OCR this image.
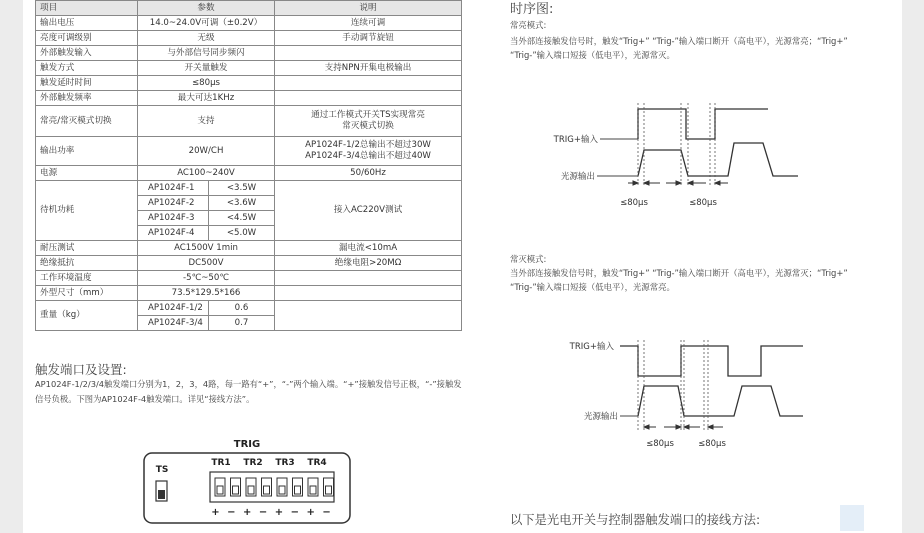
项目	参数		说明
输出电压	14.0~24.0V可调（±0.2V）		连续可调
亮度可调级别	无级		手动调节旋钮
外部触发输入	与外部信号同步频闪		
触发方式	开关量触发		支持NPN开集电极输出
触发延时时间	≤80μs		
外部触发频率	最大可达1KHz		
常亮/常灭模式切换	支持		通过工作模式开关TS实现常亮
常灭模式切换
输出功率	20W/CH		AP1024F-1/2总输出不超过30W
AP1024F-3/4总输出不超过40W
电源	AC100~240V		50/60Hz
待机功耗	AP1024F-1	<3.5W	接入AC220V测试
	AP1024F-2	<3.6W	
	AP1024F-3	<4.5W	
	AP1024F-4	<5.0W	
耐压测试	AC1500V 1min		漏电流<10mA
绝缘抵抗	DC500V		绝缘电阻>20MΩ
工作环境温度	-5℃~50℃		
外型尺寸（mm）	73.5*129.5*166		
重量（kg）	AP1024F-1/2	0.6	
	AP1024F-3/4	0.7	
触发端口及设置:
AP1024F-1/2/3/4触发端口分别为1，2，3，4路，每一路有“+”，“-”两个输入端。“+”接触发信号正极，“-”接触发信号负极。下图为AP1024F-4触发端口。详见“接线方法”。
TRIG
TS
TR1 TR2 TR3 TR4
+ − + − + − + −
时序图:
常亮模式:
当外部连接触发信号时，触发“Trig+” “Trig-”输入端口断开（高电平），光源常亮；“Trig+” “Trig-”输入端口短接（低电平），光源常灭。
TRIG+输入
光源输出
≤80μs	≤80μs
常灭模式:
当外部连接触发信号时，触发“Trig+” “Trig-”输入端口断开（高电平），光源常灭；“Trig+” “Trig-”输入端口短接（低电平），光源常亮。
TRIG+输入
光源输出
≤80μs	≤80μs
以下是光电开关与控制器触发端口的接线方法:
